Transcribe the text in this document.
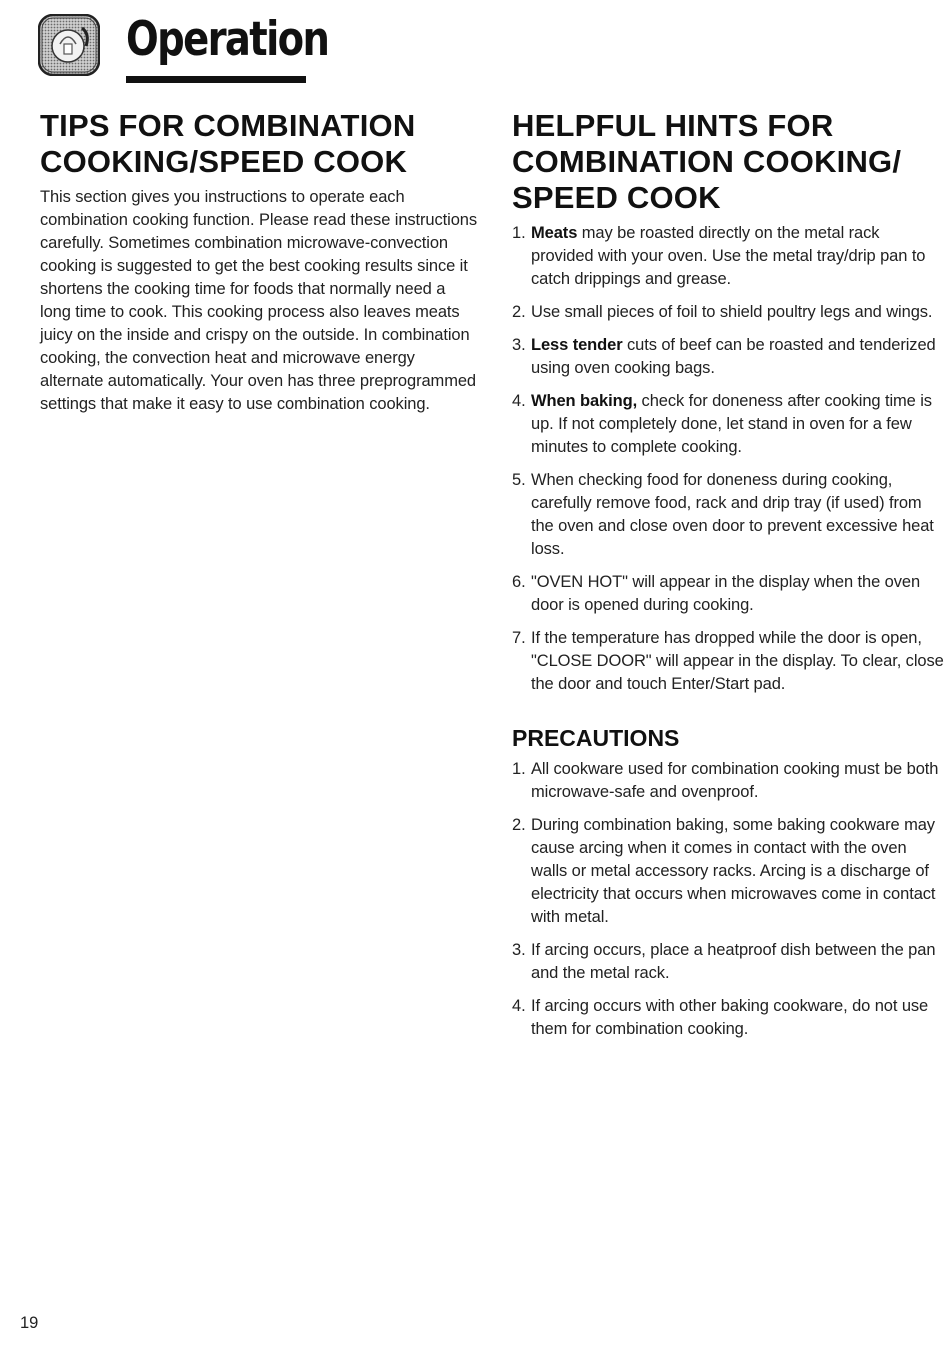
Operation
TIPS FOR COMBINATION
COOKING/SPEED COOK

This section gives you instructions to operate each combination cooking function. Please read these instructions carefully. Sometimes combination microwave-convection cooking is suggested to get the best cooking results since it shortens the cooking time for foods that normally need a long time to cook. This cooking process also leaves meats juicy on the inside and crispy on the outside. In combination cooking, the convection heat and microwave energy alternate automatically. Your oven has three preprogrammed settings that make it easy to use combination cooking.

HELPFUL HINTS FOR
COMBINATION COOKING/
SPEED COOK
1. Meats may be roasted directly on the metal rack provided with your oven. Use the metal tray/drip pan to catch drippings and grease.
2. Use small pieces of foil to shield poultry legs and wings.
3. Less tender cuts of beef can be roasted and tenderized using oven cooking bags.
4. When baking, check for doneness after cooking time is up. If not completely done, let stand in oven for a few minutes to complete cooking.
5. When checking food for doneness during cooking, carefully remove food, rack and drip tray (if used) from the oven and close oven door to prevent excessive heat loss.
6. "OVEN HOT" will appear in the display when the oven door is opened during cooking.
7. If the temperature has dropped while the door is open, "CLOSE DOOR" will appear in the display. To clear, close the door and touch Enter/Start pad.
PRECAUTIONS
1. All cookware used for combination cooking must be both microwave-safe and ovenproof.
2. During combination baking, some baking cookware may cause arcing when it comes in contact with the oven walls or metal accessory racks. Arcing is a discharge of electricity that occurs when microwaves come in contact with metal.
3. If arcing occurs, place a heatproof dish between the pan and the metal rack.
4. If arcing occurs with other baking cookware, do not use them for combination cooking.
19
